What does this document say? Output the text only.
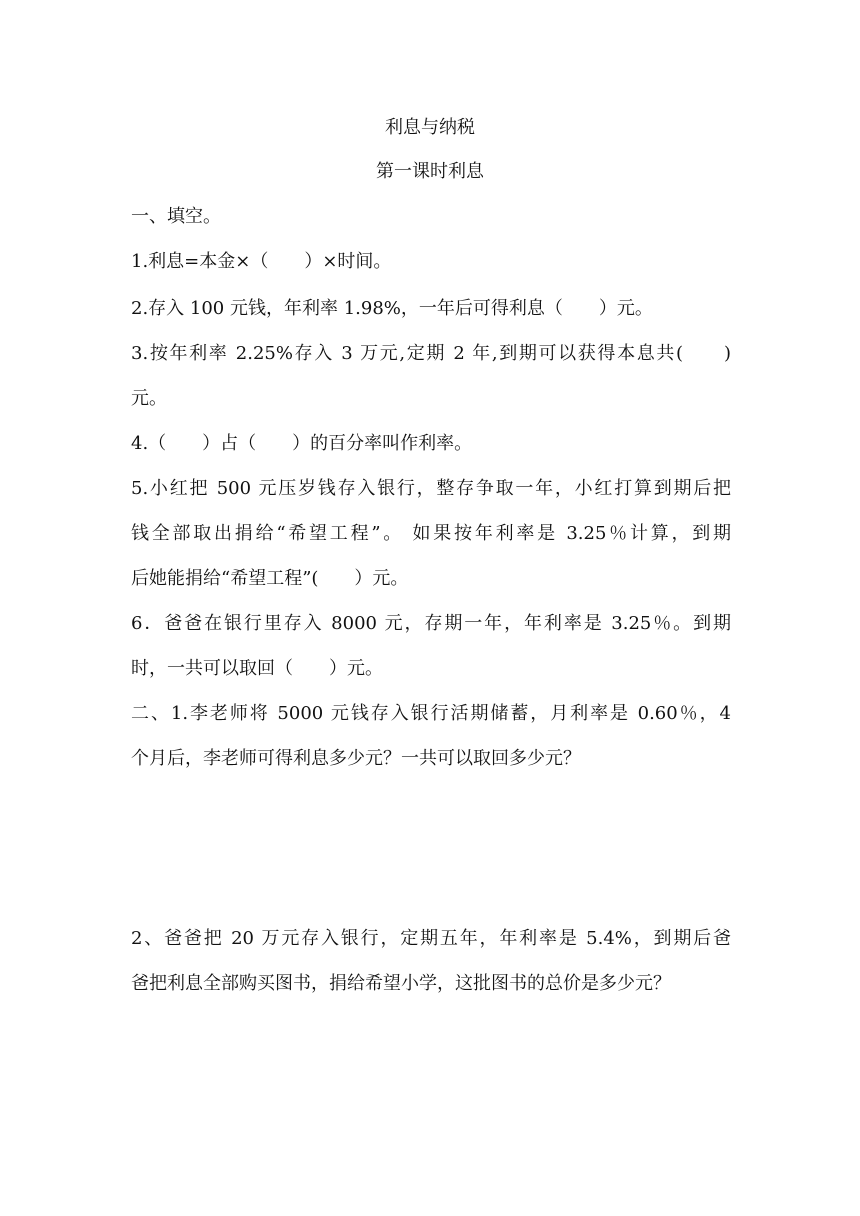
利息与纳税
第一课时利息
一、填空。
1.利息=本金×（　　）×时间。
2.存入 100 元钱，年利率 1.98%，一年后可得利息（　　）元。
3.按年利率 2.25%存入 3 万元,定期 2 年,到期可以获得本息共(　　)
元。
4.（　　）占（　　）的百分率叫作利率。
5.小红把 500 元压岁钱存入银行，整存争取一年，小红打算到期后把
钱全部取出捐给“希望工程”。 如果按年利率是 3.25％计算，到期
后她能捐给“希望工程”(　　）元。
6．爸爸在银行里存入 8000 元，存期一年，年利率是 3.25％。到期
时，一共可以取回（　　）元。
二、1.李老师将 5000 元钱存入银行活期储蓄，月利率是 0.60％，4
个月后，李老师可得利息多少元？一共可以取回多少元？
2、爸爸把 20 万元存入银行，定期五年，年利率是 5.4%，到期后爸
爸把利息全部购买图书，捐给希望小学，这批图书的总价是多少元？
